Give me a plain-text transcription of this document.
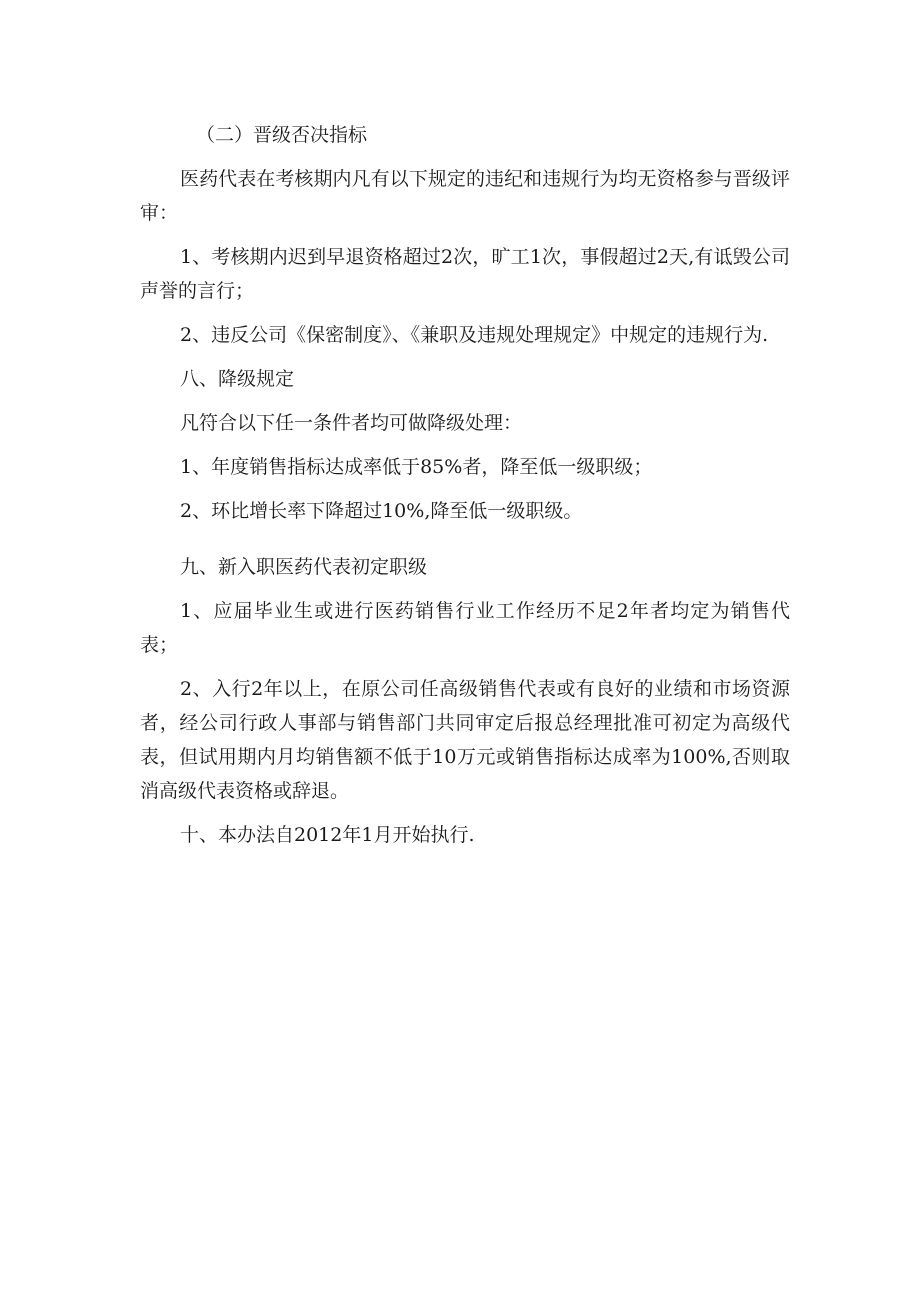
（二）晋级否决指标

医药代表在考核期内凡有以下规定的违纪和违规行为均无资格参与晋级评审：

1、考核期内迟到早退资格超过2次，旷工1次，事假超过2天,有诋毁公司声誉的言行；

2、违反公司《保密制度》、《兼职及违规处理规定》中规定的违规行为.

八、降级规定

凡符合以下任一条件者均可做降级处理：

1、年度销售指标达成率低于85%者，降至低一级职级；

2、环比增长率下降超过10%,降至低一级职级。

九、新入职医药代表初定职级

1、应届毕业生或进行医药销售行业工作经历不足2年者均定为销售代表；

2、入行2年以上，在原公司任高级销售代表或有良好的业绩和市场资源者，经公司行政人事部与销售部门共同审定后报总经理批准可初定为高级代表，但试用期内月均销售额不低于10万元或销售指标达成率为100%,否则取消高级代表资格或辞退。

十、本办法自2012年1月开始执行.
